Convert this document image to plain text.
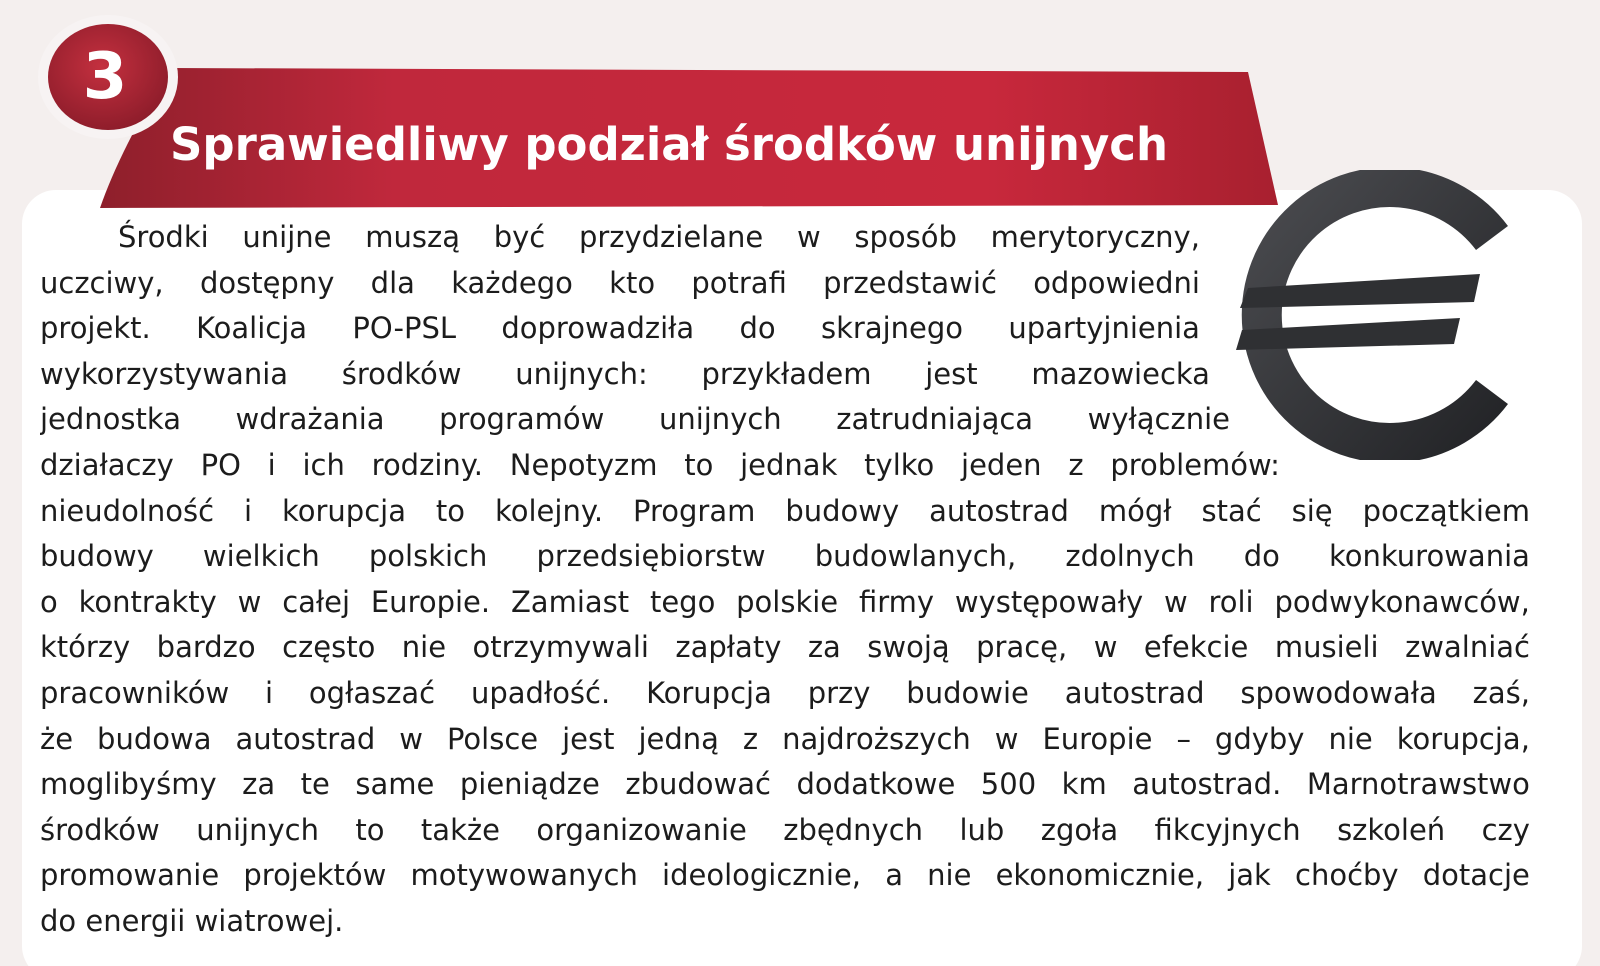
3
Sprawiedliwy podział środków unijnych
Środki unijne muszą być przydzielane w sposób merytoryczny,
uczciwy, dostępny dla każdego kto potrafi przedstawić odpowiedni
projekt. Koalicja PO-PSL doprowadziła do skrajnego upartyjnienia
wykorzystywania środków unijnych: przykładem jest mazowiecka
jednostka wdrażania programów unijnych zatrudniająca wyłącznie
działaczy PO i ich rodziny. Nepotyzm to jednak tylko jeden z problemów:
nieudolność i korupcja to kolejny. Program budowy autostrad mógł stać się początkiem
budowy wielkich polskich przedsiębiorstw budowlanych, zdolnych do konkurowania
o kontrakty w całej Europie. Zamiast tego polskie firmy występowały w roli podwykonawców,
którzy bardzo często nie otrzymywali zapłaty za swoją pracę, w efekcie musieli zwalniać
pracowników i ogłaszać upadłość. Korupcja przy budowie autostrad spowodowała zaś,
że budowa autostrad w Polsce jest jedną z najdroższych w Europie – gdyby nie korupcja,
moglibyśmy za te same pieniądze zbudować dodatkowe 500 km autostrad. Marnotrawstwo
środków unijnych to także organizowanie zbędnych lub zgoła fikcyjnych szkoleń czy
promowanie projektów motywowanych ideologicznie, a nie ekonomicznie, jak choćby dotacje
do energii wiatrowej.
